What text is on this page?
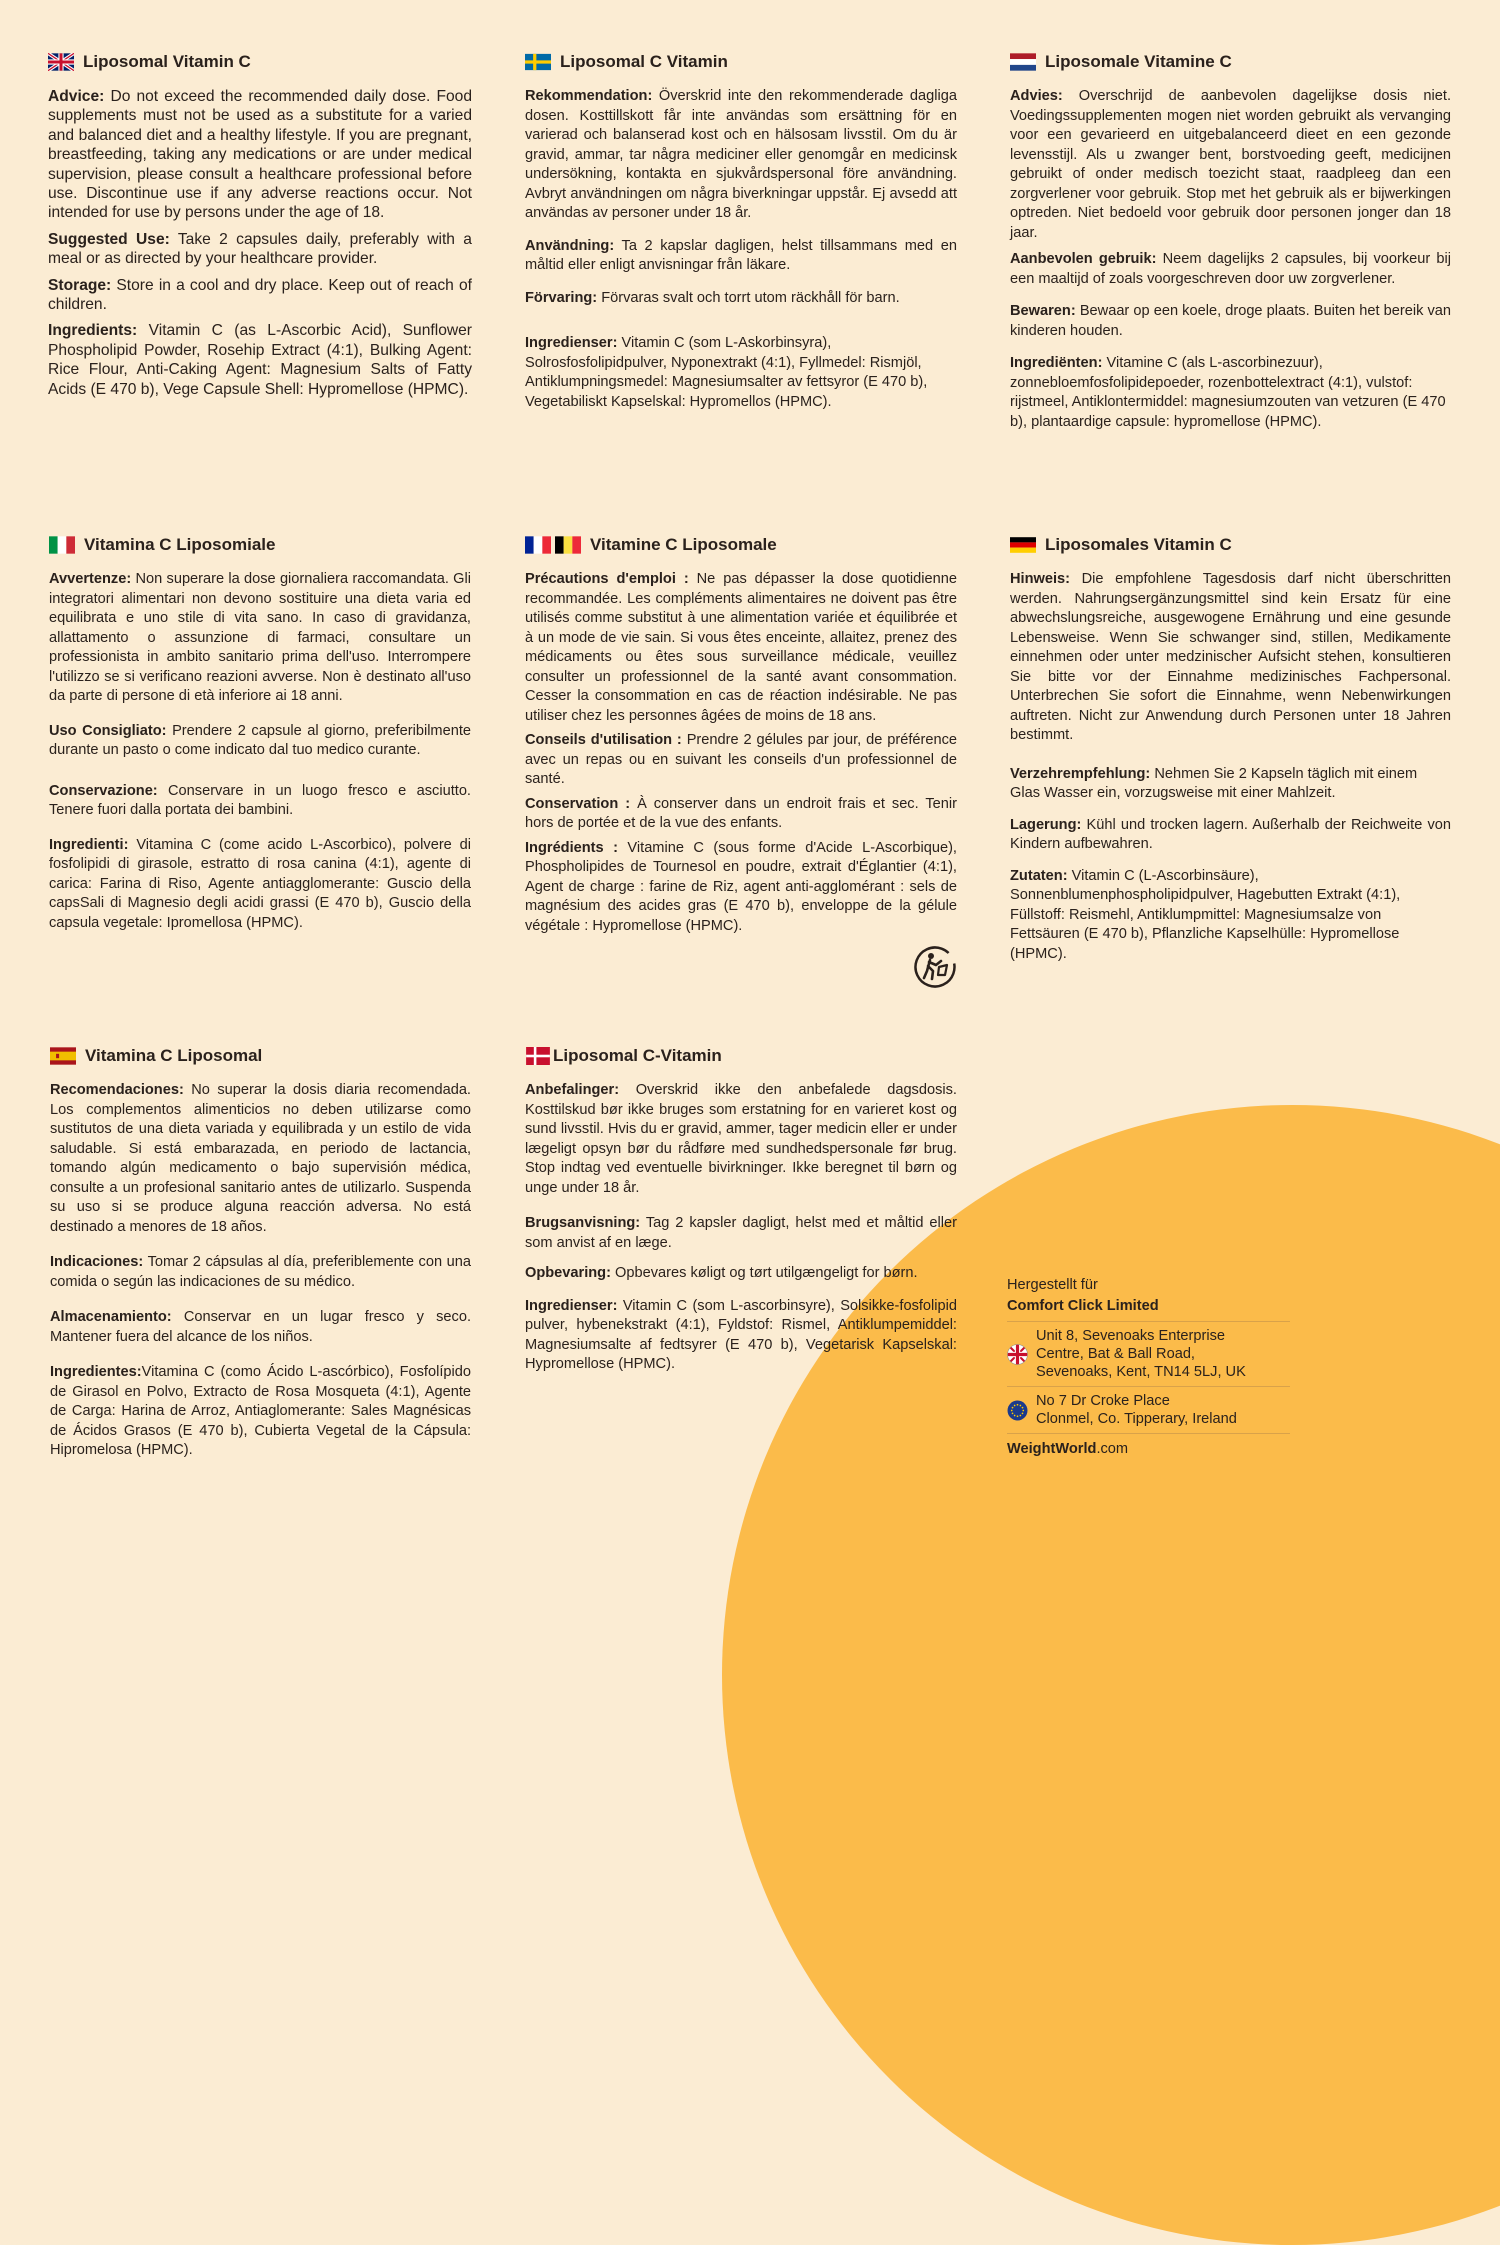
Liposomal Vitamin C
Advice: Do not exceed the recommended daily dose. Food supplements must not be used as a substitute for a varied and balanced diet and a healthy lifestyle. If you are pregnant, breastfeeding, taking any medications or are under medical supervision, please consult a healthcare professional before use. Discontinue use if any adverse reactions occur. Not intended for use by persons under the age of 18.
Suggested Use: Take 2 capsules daily, preferably with a meal or as directed by your healthcare provider.
Storage: Store in a cool and dry place. Keep out of reach of children.
Ingredients: Vitamin C (as L-Ascorbic Acid), Sunflower Phospholipid Powder, Rosehip Extract (4:1), Bulking Agent: Rice Flour, Anti-Caking Agent: Magnesium Salts of Fatty Acids (E 470 b), Vege Capsule Shell: Hypromellose (HPMC).
Liposomal C Vitamin
Rekommendation: Överskrid inte den rekommenderade dagliga dosen. Kosttillskott får inte användas som ersättning för en varierad och balanserad kost och en hälsosam livsstil. Om du är gravid, ammar, tar några mediciner eller genomgår en medicinsk undersökning, kontakta en sjukvårdspersonal före användning. Avbryt användningen om några biverkningar uppstår. Ej avsedd att användas av personer under 18 år.
Användning: Ta 2 kapslar dagligen, helst tillsammans med en måltid eller enligt anvisningar från läkare.
Förvaring: Förvaras svalt och torrt utom räckhåll för barn.
Ingredienser: Vitamin C (som L-Askorbinsyra), Solrosfosfolipidpulver, Nyponextrakt (4:1), Fyllmedel: Rismjöl, Antiklumpningsmedel: Magnesiumsalter av fettsyror (E 470 b), Vegetabiliskt Kapselskal: Hypromellos (HPMC).
Liposomale Vitamine C
Advies: Overschrijd de aanbevolen dagelijkse dosis niet. Voedingssupplementen mogen niet worden gebruikt als vervanging voor een gevarieerd en uitgebalanceerd dieet en een gezonde levensstijl. Als u zwanger bent, borstvoeding geeft, medicijnen gebruikt of onder medisch toezicht staat, raadpleeg dan een zorgverlener voor gebruik. Stop met het gebruik als er bijwerkingen optreden. Niet bedoeld voor gebruik door personen jonger dan 18 jaar.
Aanbevolen gebruik: Neem dagelijks 2 capsules, bij voorkeur bij een maaltijd of zoals voorgeschreven door uw zorgverlener.
Bewaren: Bewaar op een koele, droge plaats. Buiten het bereik van kinderen houden.
Ingrediënten: Vitamine C (als L-ascorbinezuur), zonnebloemfosfolipidepoeder, rozenbottelextract (4:1), vulstof: rijstmeel, Antiklontermiddel: magnesiumzouten van vetzuren (E 470 b), plantaardige capsule: hypromellose (HPMC).
Vitamina C Liposomiale
Avvertenze: Non superare la dose giornaliera raccomandata. Gli integratori alimentari non devono sostituire una dieta varia ed equilibrata e uno stile di vita sano. In caso di gravidanza, allattamento o assunzione di farmaci, consultare un professionista in ambito sanitario prima dell'uso. Interrompere l'utilizzo se si verificano reazioni avverse. Non è destinato all'uso da parte di persone di età inferiore ai 18 anni.
Uso Consigliato: Prendere 2 capsule al giorno, preferibilmente durante un pasto o come indicato dal tuo medico curante.
Conservazione: Conservare in un luogo fresco e asciutto. Tenere fuori dalla portata dei bambini.
Ingredienti: Vitamina C (come acido L-Ascorbico), polvere di fosfolipidi di girasole, estratto di rosa canina (4:1), agente di carica: Farina di Riso, Agente antiagglomerante: Guscio della capsSali di Magnesio degli acidi grassi (E 470 b), Guscio della capsula vegetale: Ipromellosa (HPMC).
Vitamine C Liposomale
Précautions d'emploi : Ne pas dépasser la dose quotidienne recommandée. Les compléments alimentaires ne doivent pas être utilisés comme substitut à une alimentation variée et équilibrée et à un mode de vie sain. Si vous êtes enceinte, allaitez, prenez des médicaments ou êtes sous surveillance médicale, veuillez consulter un professionnel de la santé avant consommation. Cesser la consommation en cas de réaction indésirable. Ne pas utiliser chez les personnes âgées de moins de 18 ans.
Conseils d'utilisation : Prendre 2 gélules par jour, de préférence avec un repas ou en suivant les conseils d'un professionnel de santé.
Conservation : À conserver dans un endroit frais et sec. Tenir hors de portée et de la vue des enfants.
Ingrédients : Vitamine C (sous forme d'Acide L-Ascorbique), Phospholipides de Tournesol en poudre, extrait d'Églantier (4:1), Agent de charge : farine de Riz, agent anti-agglomérant : sels de magnésium des acides gras (E 470 b), enveloppe de la gélule végétale : Hypromellose (HPMC).
Liposomales Vitamin C
Hinweis: Die empfohlene Tagesdosis darf nicht überschritten werden. Nahrungsergänzungsmittel sind kein Ersatz für eine abwechslungsreiche, ausgewogene Ernährung und eine gesunde Lebensweise. Wenn Sie schwanger sind, stillen, Medikamente einnehmen oder unter medzinischer Aufsicht stehen, konsultieren Sie bitte vor der Einnahme medizinisches Fachpersonal. Unterbrechen Sie sofort die Einnahme, wenn Nebenwirkungen auftreten. Nicht zur Anwendung durch Personen unter 18 Jahren bestimmt.
Verzehrempfehlung: Nehmen Sie 2 Kapseln täglich mit einem Glas Wasser ein, vorzugsweise mit einer Mahlzeit.
Lagerung: Kühl und trocken lagern. Außerhalb der Reichweite von Kindern aufbewahren.
Zutaten: Vitamin C (L-Ascorbinsäure), Sonnenblumenphospholipidpulver, Hagebutten Extrakt (4:1), Füllstoff: Reismehl, Antiklumpmittel: Magnesiumsalze von Fettsäuren (E 470 b), Pflanzliche Kapselhülle: Hypromellose (HPMC).
Vitamina C Liposomal
Recomendaciones: No superar la dosis diaria recomendada. Los complementos alimenticios no deben utilizarse como sustitutos de una dieta variada y equilibrada y un estilo de vida saludable. Si está embarazada, en periodo de lactancia, tomando algún medicamento o bajo supervisión médica, consulte a un profesional sanitario antes de utilizarlo. Suspenda su uso si se produce alguna reacción adversa. No está destinado a menores de 18 años.
Indicaciones: Tomar 2 cápsulas al día, preferiblemente con una comida o según las indicaciones de su médico.
Almacenamiento: Conservar en un lugar fresco y seco. Mantener fuera del alcance de los niños.
Ingredientes:Vitamina C (como Ácido L-ascórbico), Fosfolípido de Girasol en Polvo, Extracto de Rosa Mosqueta (4:1), Agente de Carga: Harina de Arroz, Antiaglomerante: Sales Magnésicas de Ácidos Grasos (E 470 b), Cubierta Vegetal de la Cápsula: Hipromelosa (HPMC).
Liposomal C-Vitamin
Anbefalinger: Overskrid ikke den anbefalede dagsdosis. Kosttilskud bør ikke bruges som erstatning for en varieret kost og sund livsstil. Hvis du er gravid, ammer, tager medicin eller er under lægeligt opsyn bør du rådføre med sundhedspersonale før brug. Stop indtag ved eventuelle bivirkninger. Ikke beregnet til børn og unge under 18 år.
Brugsanvisning: Tag 2 kapsler dagligt, helst med et måltid eller som anvist af en læge.
Opbevaring: Opbevares køligt og tørt utilgængeligt for børn.
Ingredienser: Vitamin C (som L-ascorbinsyre), Solsikke-fosfolipid pulver, hybenekstrakt (4:1), Fyldstof: Rismel, Antiklumpemiddel: Magnesiumsalte af fedtsyrer (E 470 b), Vegetarisk Kapselskal: Hypromellose (HPMC).
Hergestellt für
Comfort Click Limited
Unit 8, Sevenoaks Enterprise
Centre, Bat & Ball Road,
Sevenoaks, Kent, TN14 5LJ, UK
No 7 Dr Croke Place
Clonmel, Co. Tipperary, Ireland
WeightWorld.com
